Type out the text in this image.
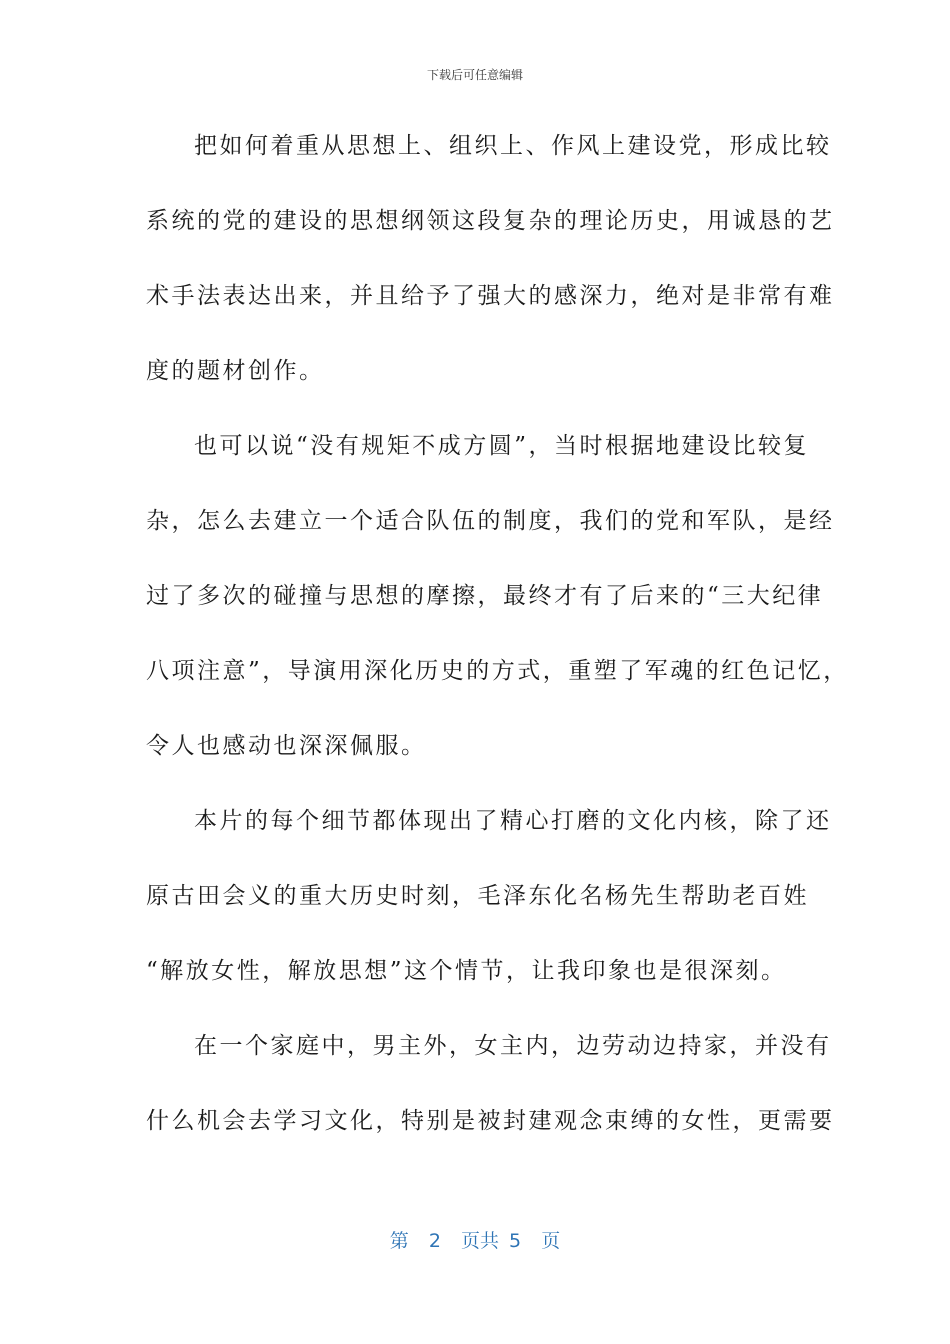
下载后可任意编辑
把如何着重从思想上、组织上、作风上建设党，形成比较
系统的党的建设的思想纲领这段复杂的理论历史，用诚恳的艺
术手法表达出来，并且给予了强大的感深力，绝对是非常有难
度的题材创作。
也可以说“没有规矩不成方圆”，当时根据地建设比较复
杂，怎么去建立一个适合队伍的制度，我们的党和军队，是经
过了多次的碰撞与思想的摩擦，最终才有了后来的“三大纪律
八项注意”，导演用深化历史的方式，重塑了军魂的红色记忆，
令人也感动也深深佩服。
本片的每个细节都体现出了精心打磨的文化内核，除了还
原古田会义的重大历史时刻，毛泽东化名杨先生帮助老百姓
“解放女性，解放思想”这个情节，让我印象也是很深刻。
在一个家庭中，男主外，女主内，边劳动边持家，并没有
什么机会去学习文化，特别是被封建观念束缚的女性，更需要
第  2  页共 5  页
